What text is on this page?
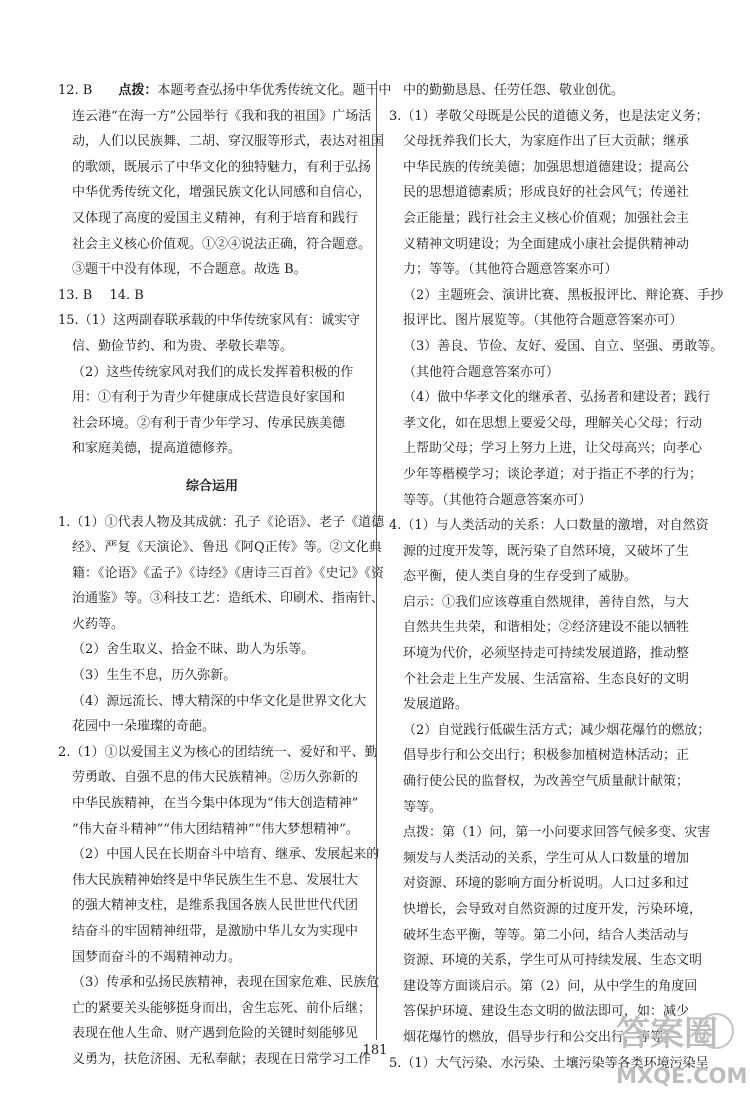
12. B　　点拨：本题考查弘扬中华优秀传统文化。题干中
连云港“在海一方”公园举行《我和我的祖国》广场活
动，人们以民族舞、二胡、穿汉服等形式，表达对祖国
的歌颂，既展示了中华文化的独特魅力，有利于弘扬
中华优秀传统文化，增强民族文化认同感和自信心，
又体现了高度的爱国主义精神，有利于培育和践行
社会主义核心价值观。①②④说法正确，符合题意。
③题干中没有体现，不合题意。故选 B。
13. B　 14. B
15.（1）这两副春联承载的中华传统家风有：诚实守
信、勤俭节约、和为贵、孝敬长辈等。
（2）这些传统家风对我们的成长发挥着积极的作
用：①有利于为青少年健康成长营造良好家国和
社会环境。②有利于青少年学习、传承民族美德
和家庭美德，提高道德修养。
综合运用
1.（1）①代表人物及其成就：孔子《论语》、老子《道德
经》、严复《天演论》、鲁迅《阿Q正传》等。②文化典
籍：《论语》《孟子》《诗经》《唐诗三百首》《史记》《资
治通鉴》等。③科技工艺：造纸术、印刷术、指南针、
火药等。
（2）舍生取义、拾金不昧、助人为乐等。
（3）生生不息，历久弥新。
（4）源远流长、博大精深的中华文化是世界文化大
花园中一朵璀璨的奇葩。
2.（1）①以爱国主义为核心的团结统一、爱好和平、勤
劳勇敢、自强不息的伟大民族精神。②历久弥新的
中华民族精神，在当今集中体现为“伟大创造精神”
“伟大奋斗精神”“伟大团结精神”“伟大梦想精神”。
（2）中国人民在长期奋斗中培育、继承、发展起来的
伟大民族精神始终是中华民族生生不息、发展壮大
的强大精神支柱，是维系我国各族人民世世代代团
结奋斗的牢固精神纽带，是激励中华儿女为实现中
国梦而奋斗的不竭精神动力。
（3）传承和弘扬民族精神，表现在国家危难、民族危
亡的紧要关头能够挺身而出，舍生忘死、前仆后继；
表现在他人生命、财产遇到危险的关键时刻能够见
义勇为，扶危济困、无私奉献；表现在日常学习工作
中的勤勤恳恳、任劳任怨、敬业创优。
3.（1）孝敬父母既是公民的道德义务，也是法定义务；
父母抚养我们长大，为家庭作出了巨大贡献；继承
中华民族的传统美德；加强思想道德建设；提高公
民的思想道德素质；形成良好的社会风气；传递社
会正能量；践行社会主义核心价值观；加强社会主
义精神文明建设；为全面建成小康社会提供精神动
力；等等。（其他符合题意答案亦可）
（2）主题班会、演讲比赛、黑板报评比、辩论赛、手抄
报评比、图片展览等。（其他符合题意答案亦可）
（3）善良、节俭、友好、爱国、自立、坚强、勇敢等。
（其他符合题意答案亦可）
（4）做中华孝文化的继承者、弘扬者和建设者；践行
孝文化，如在思想上要爱父母，理解关心父母；行动
上帮助父母；学习上努力上进，让父母高兴；向孝心
少年等楷模学习；谈论孝道；对于指正不孝的行为；
等等。（其他符合题意答案亦可）
4.（1）与人类活动的关系：人口数量的激增，对自然资
源的过度开发等，既污染了自然环境，又破坏了生
态平衡，使人类自身的生存受到了威胁。
启示：①我们应该尊重自然规律，善待自然，与大
自然共生共荣，和谐相处；②经济建设不能以牺牲
环境为代价，必须坚持走可持续发展道路，推动整
个社会走上生产发展、生活富裕、生态良好的文明
发展道路。
（2）自觉践行低碳生活方式；减少烟花爆竹的燃放；
倡导步行和公交出行；积极参加植树造林活动；正
确行使公民的监督权，为改善空气质量献计献策；
等等。
点拨：第（1）问，第一小问要求回答气候多变、灾害
频发与人类活动的关系，学生可从人口数量的增加
对资源、环境的影响方面分析说明。人口过多和过
快增长，会导致对自然资源的过度开发，污染环境，
破坏生态平衡，等等。第二小问，结合人类活动与
资源、环境的关系，学生可从可持续发展、生态文明
建设等方面谈启示。第（2）问，从中学生的角度回
答保护环境、建设生态文明的做法即可，如：减少
烟花爆竹的燃放，倡导步行和公交出行，等等。
5.（1）大气污染、水污染、土壤污染等各类环境污染呈
181	答案圈
MXQE.COM
